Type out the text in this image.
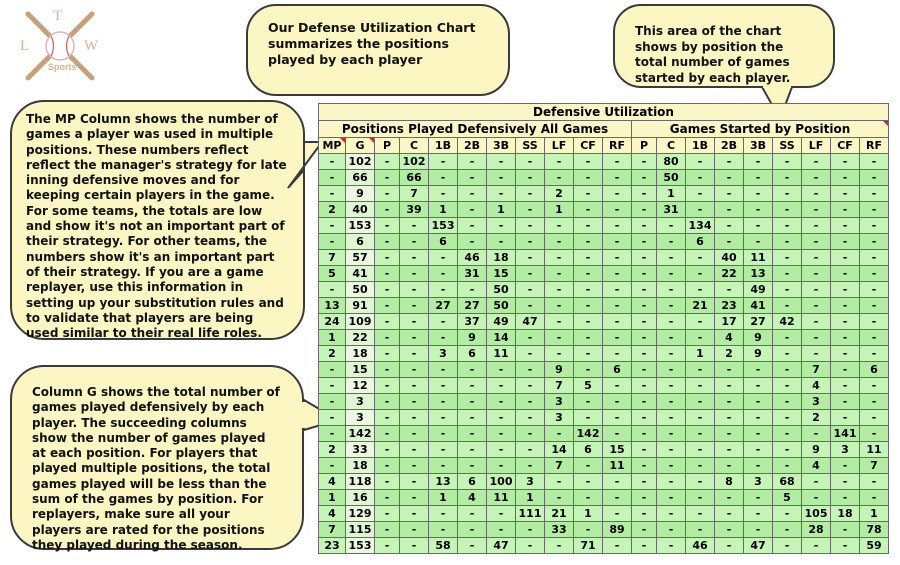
T
L	W
Sports
Our Defense Utilization Chart summarizes the positions played by each player
This area of the chart shows by position the total number of games started by each player.
The MP Column shows the number of games a player was used in multiple positions. These numbers reflect reflect the manager's strategy for late inning defensive moves and for keeping certain players in the game. For some teams, the totals are low and show it's not an important part of their strategy. For other teams, the numbers show it's an important part of their strategy. If you are a game replayer, use this information in setting up your substitution rules and to validate that players are being used similar to their real life roles.
Column G shows the total number of games played defensively by each player. The succeeding columns show the number of games played at each position. For players that played multiple positions, the total games played will be less than the sum of the games by position. For replayers, make sure all your players are rated for the positions they played during the season.
Defensive Utilization																			
Positions Played Defensively All Games											Games Started by Position								
MP	G	P	C	1B	2B	3B	SS	LF	CF	RF	P	C	1B	2B	3B	SS	LF	CF	RF
-	102	-	102	-	-	-	-	-	-	-	-	80	-	-	-	-	-	-	-
-	66	-	66	-	-	-	-	-	-	-	-	50	-	-	-	-	-	-	-
-	9	-	7	-	-	-	-	2	-	-	-	1	-	-	-	-	-	-	-
2	40	-	39	1	-	1	-	1	-	-	-	31	-	-	-	-	-	-	-
-	153	-	-	153	-	-	-	-	-	-	-	-	134	-	-	-	-	-	-
-	6	-	-	6	-	-	-	-	-	-	-	-	6	-	-	-	-	-	-
7	57	-	-	-	46	18	-	-	-	-	-	-	-	40	11	-	-	-	-
5	41	-	-	-	31	15	-	-	-	-	-	-	-	22	13	-	-	-	-
-	50	-	-	-	-	50	-	-	-	-	-	-	-	-	49	-	-	-	-
13	91	-	-	27	27	50	-	-	-	-	-	-	21	23	41	-	-	-	-
24	109	-	-	-	37	49	47	-	-	-	-	-	-	17	27	42	-	-	-
1	22	-	-	-	9	14	-	-	-	-	-	-	-	4	9	-	-	-	-
2	18	-	-	3	6	11	-	-	-	-	-	-	1	2	9	-	-	-	-
-	15	-	-	-	-	-	-	9	-	6	-	-	-	-	-	-	7	-	6
-	12	-	-	-	-	-	-	7	5	-	-	-	-	-	-	-	4	-	-
-	3	-	-	-	-	-	-	3	-	-	-	-	-	-	-	-	3	-	-
-	3	-	-	-	-	-	-	3	-	-	-	-	-	-	-	-	2	-	-
-	142	-	-	-	-	-	-	-	142	-	-	-	-	-	-	-	-	141	-
2	33	-	-	-	-	-	-	14	6	15	-	-	-	-	-	-	9	3	11
-	18	-	-	-	-	-	-	7	-	11	-	-	-	-	-	-	4	-	7
4	118	-	-	13	6	100	3	-	-	-	-	-	-	8	3	68	-	-	-
1	16	-	-	1	4	11	1	-	-	-	-	-	-	-	-	5	-	-	-
4	129	-	-	-	-	-	111	21	1	-	-	-	-	-	-	-	105	18	1
7	115	-	-	-	-	-	-	33	-	89	-	-	-	-	-	-	28	-	78
23	153	-	-	58	-	47	-	-	71	-	-	-	46	-	47	-	-	-	59
